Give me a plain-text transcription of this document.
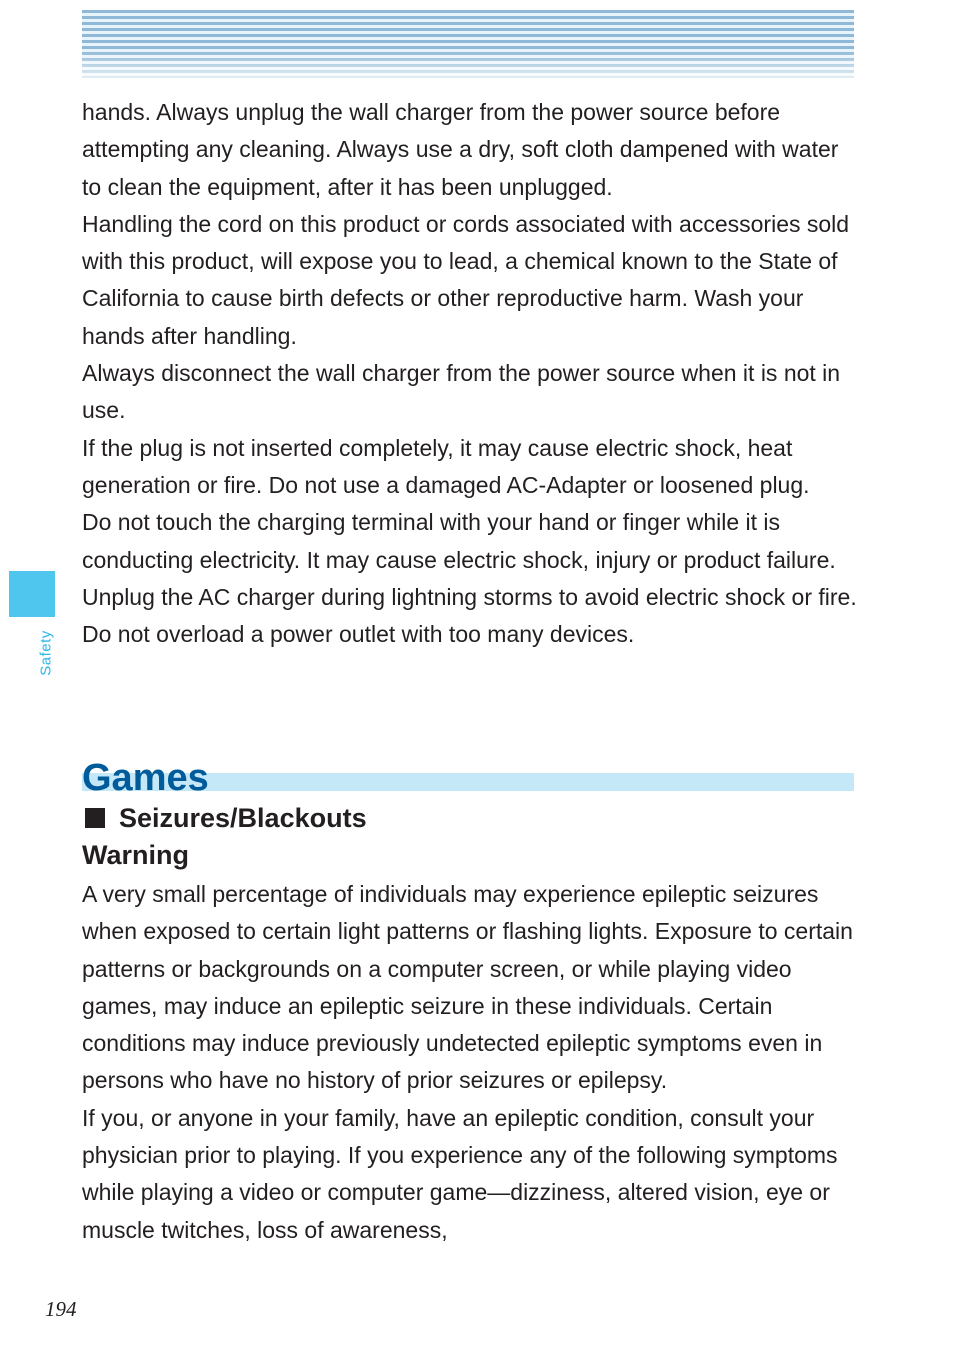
Safety

hands. Always unplug the wall charger from the power source before attempting any cleaning. Always use a dry, soft cloth dampened with water to clean the equipment, after it has been unplugged.

Handling the cord on this product or cords associated with accessories sold with this product, will expose you to lead, a chemical known to the State of California to cause birth defects or other reproductive harm. Wash your hands after handling.

Always disconnect the wall charger from the power source when it is not in use.

If the plug is not inserted completely, it may cause electric shock, heat generation or fire. Do not use a damaged AC-Adapter or loosened plug.

Do not touch the charging terminal with your hand or finger while it is conducting electricity. It may cause electric shock, injury or product failure.

Unplug the AC charger during lightning storms to avoid electric shock or fire.

Do not overload a power outlet with too many devices.

Games
Seizures/Blackouts
Warning

A very small percentage of individuals may experience epileptic seizures when exposed to certain light patterns or flashing lights. Exposure to certain patterns or backgrounds on a computer screen, or while playing video games, may induce an epileptic seizure in these individuals. Certain conditions may induce previously undetected epileptic symptoms even in persons who have no history of prior seizures or epilepsy.

If you, or anyone in your family, have an epileptic condition, consult your physician prior to playing. If you experience any of the following symptoms while playing a video or computer game—dizziness, altered vision, eye or muscle twitches, loss of awareness,

194
